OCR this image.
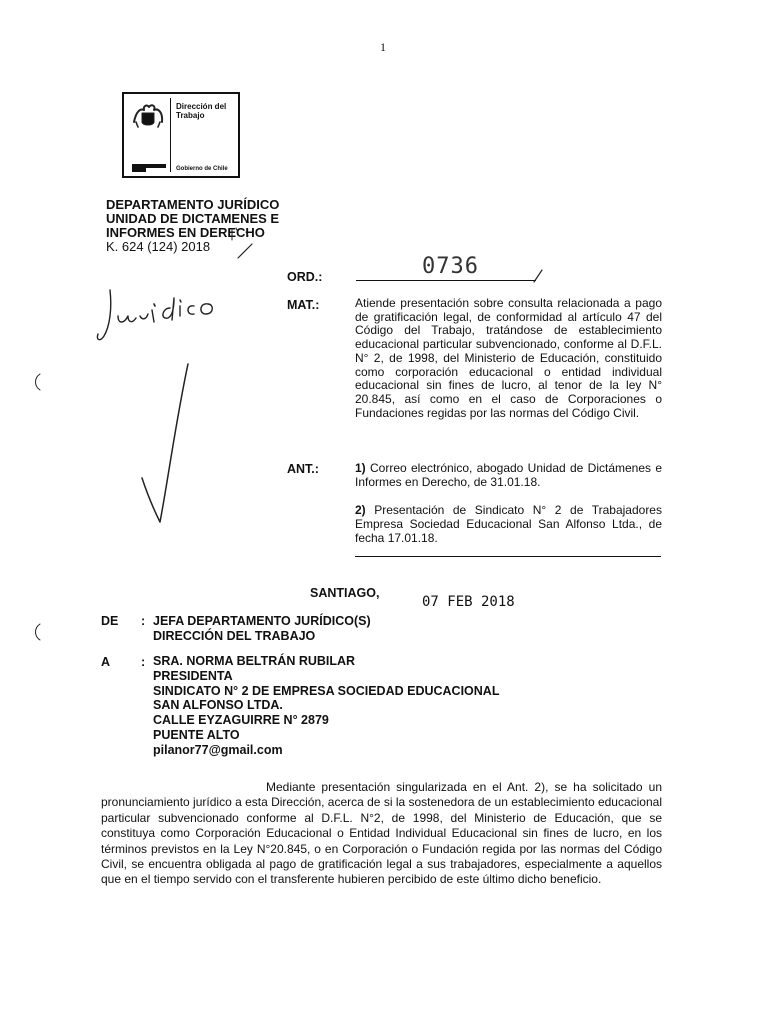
1
Dirección del
Trabajo
Gobierno de Chile
DEPARTAMENTO JURÍDICO
UNIDAD DE DICTAMENES E
INFORMES EN DERECHO
K. 624 (124) 2018
ORD.:	0736
MAT.:	Atiende presentación sobre consulta relacionada a pago de gratificación legal, de conformidad al artículo 47 del Código del Trabajo, tratándose de establecimiento educacional particular subvencionado, conforme al D.F.L. N° 2, de 1998, del Ministerio de Educación, constituido como corporación educacional o entidad individual educacional sin fines de lucro, al tenor de la ley N° 20.845, así como en el caso de Corporaciones o Fundaciones regidas por las normas del Código Civil.
ANT.:	1) Correo electrónico, abogado Unidad de Dictámenes e Informes en Derecho, de 31.01.18.
2) Presentación de Sindicato N° 2 de Trabajadores Empresa Sociedad Educacional San Alfonso Ltda., de fecha 17.01.18.
SANTIAGO,
07 FEB 2018
DE : JEFA DEPARTAMENTO JURÍDICO(S)
DIRECCIÓN DEL TRABAJO
A : SRA. NORMA BELTRÁN RUBILAR
PRESIDENTA
SINDICATO N° 2 DE EMPRESA SOCIEDAD EDUCACIONAL
SAN ALFONSO LTDA.
CALLE EYZAGUIRRE N° 2879
PUENTE ALTO
pilanor77@gmail.com
Mediante presentación singularizada en el Ant. 2), se ha solicitado un pronunciamiento jurídico a esta Dirección, acerca de si la sostenedora de un establecimiento educacional particular subvencionado conforme al D.F.L. N°2, de 1998, del Ministerio de Educación, que se constituya como Corporación Educacional o Entidad Individual Educacional sin fines de lucro, en los términos previstos en la Ley N°20.845, o en Corporación o Fundación regida por las normas del Código Civil, se encuentra obligada al pago de gratificación legal a sus trabajadores, especialmente a aquellos que en el tiempo servido con el transferente hubieren percibido de este último dicho beneficio.
